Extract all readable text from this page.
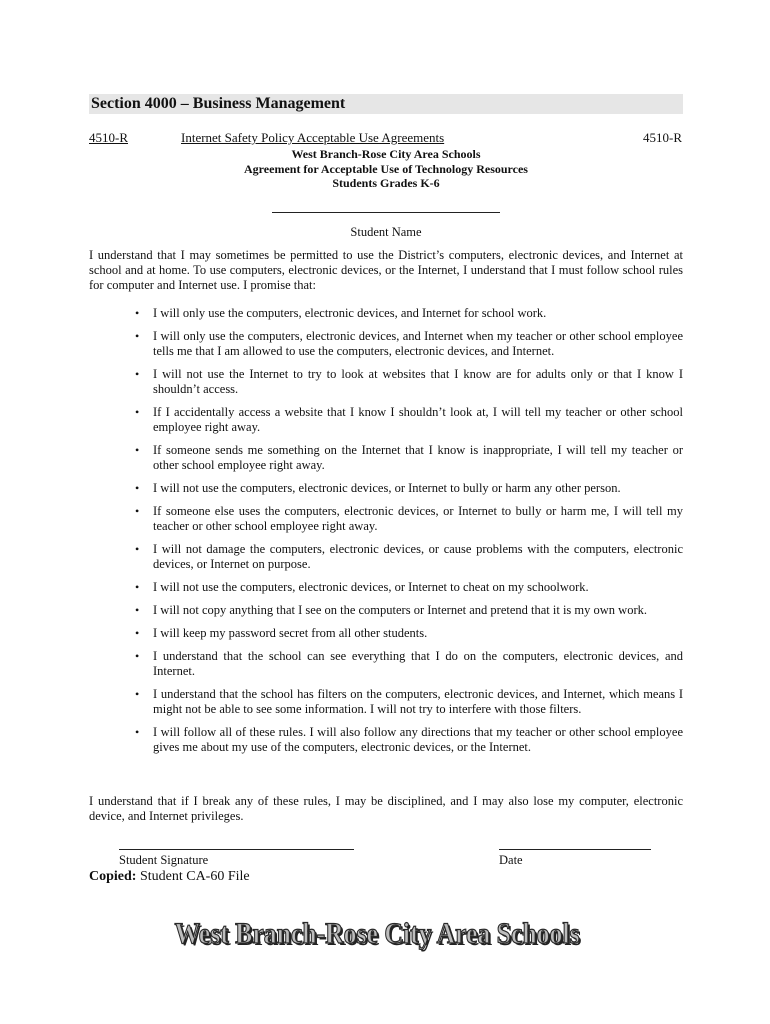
Section 4000 – Business Management
4510-R	Internet Safety Policy Acceptable Use Agreements	4510-R
West Branch-Rose City Area Schools
Agreement for Acceptable Use of Technology Resources
Students Grades K-6
Student Name

I understand that I may sometimes be permitted to use the District’s computers, electronic devices, and Internet at school and at home. To use computers, electronic devices, or the Internet, I understand that I must follow school rules for computer and Internet use. I promise that:

• I will only use the computers, electronic devices, and Internet for school work.
• I will only use the computers, electronic devices, and Internet when my teacher or other school employee tells me that I am allowed to use the computers, electronic devices, and Internet.
• I will not use the Internet to try to look at websites that I know are for adults only or that I know I shouldn’t access.
• If I accidentally access a website that I know I shouldn’t look at, I will tell my teacher or other school employee right away.
• If someone sends me something on the Internet that I know is inappropriate, I will tell my teacher or other school employee right away.
• I will not use the computers, electronic devices, or Internet to bully or harm any other person.
• If someone else uses the computers, electronic devices, or Internet to bully or harm me, I will tell my teacher or other school employee right away.
• I will not damage the computers, electronic devices, or cause problems with the computers, electronic devices, or Internet on purpose.
• I will not use the computers, electronic devices, or Internet to cheat on my schoolwork.
• I will not copy anything that I see on the computers or Internet and pretend that it is my own work.
• I will keep my password secret from all other students.
• I understand that the school can see everything that I do on the computers, electronic devices, and Internet.
• I understand that the school has filters on the computers, electronic devices, and Internet, which means I might not be able to see some information. I will not try to interfere with those filters.
• I will follow all of these rules. I will also follow any directions that my teacher or other school employee gives me about my use of the computers, electronic devices, or the Internet.

I understand that if I break any of these rules, I may be disciplined, and I may also lose my computer, electronic device, and Internet privileges.

Student Signature	Date
Copied: Student CA-60 File
West Branch-Rose City Area Schools
West Branch-Rose City Area Schools
